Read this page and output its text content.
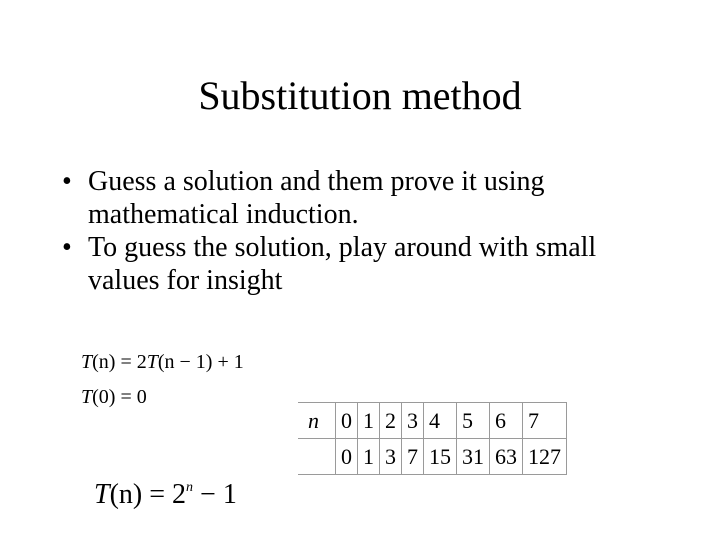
Substitution method
• Guess a solution and them prove it using mathematical induction.
• To guess the solution, play around with small values for insight
T(n) = 2T(n − 1) + 1
T(0) = 0
n	0	1	2	3	4	5	6	7
	0	1	3	7	15	31	63	127
$T(n) = 2^n - 1$
